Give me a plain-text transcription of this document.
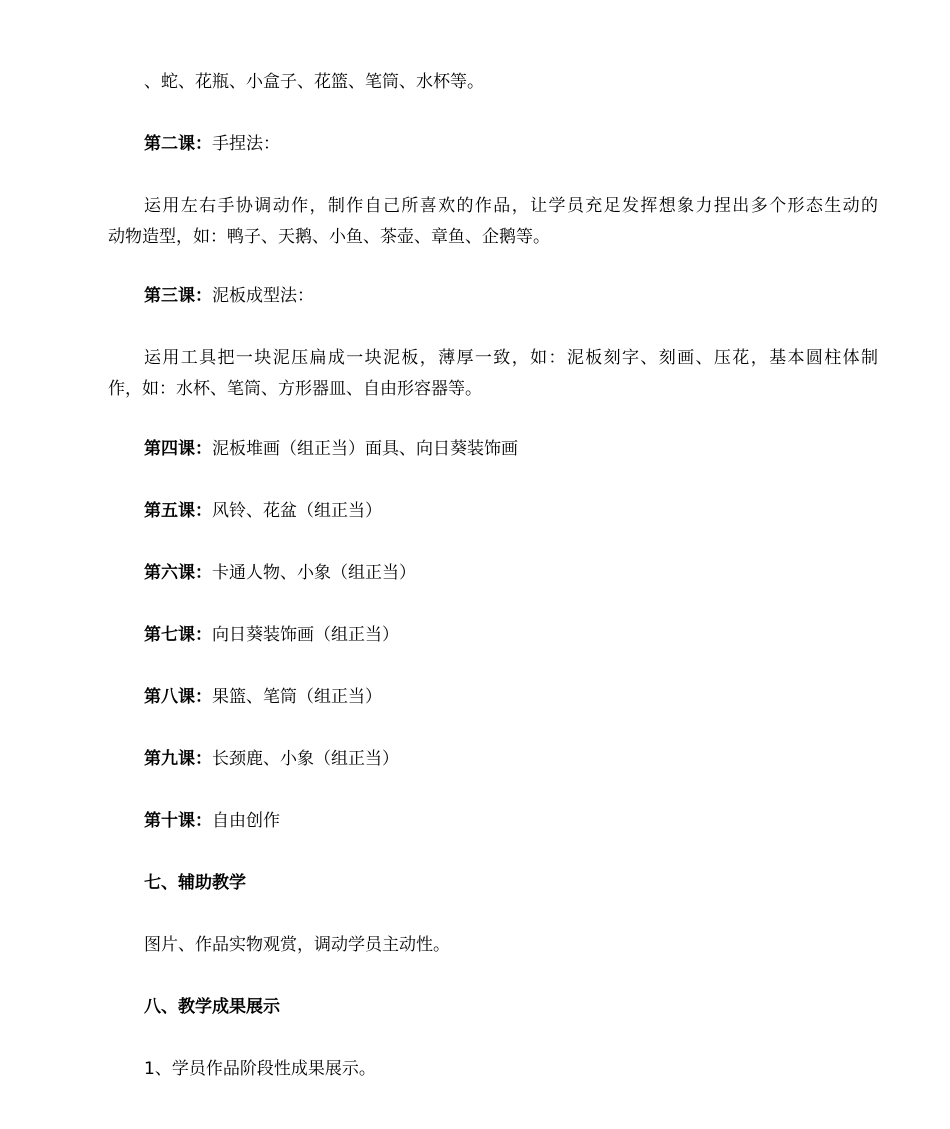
、蛇、花瓶、小盒子、花篮、笔筒、水杯等。
第二课：手捏法：
运用左右手协调动作，制作自己所喜欢的作品，让学员充足发挥想象力捏出多个形态生动的
动物造型，如：鸭子、天鹅、小鱼、茶壶、章鱼、企鹅等。
第三课：泥板成型法：
运用工具把一块泥压扁成一块泥板，薄厚一致，如：泥板刻字、刻画、压花，基本圆柱体制
作，如：水杯、笔筒、方形器皿、自由形容器等。
第四课：泥板堆画（组正当）面具、向日葵装饰画
第五课：风铃、花盆（组正当）
第六课：卡通人物、小象（组正当）
第七课：向日葵装饰画（组正当）
第八课：果篮、笔筒（组正当）
第九课：长颈鹿、小象（组正当）
第十课：自由创作
七、辅助教学
图片、作品实物观赏，调动学员主动性。
八、教学成果展示
1、学员作品阶段性成果展示。
